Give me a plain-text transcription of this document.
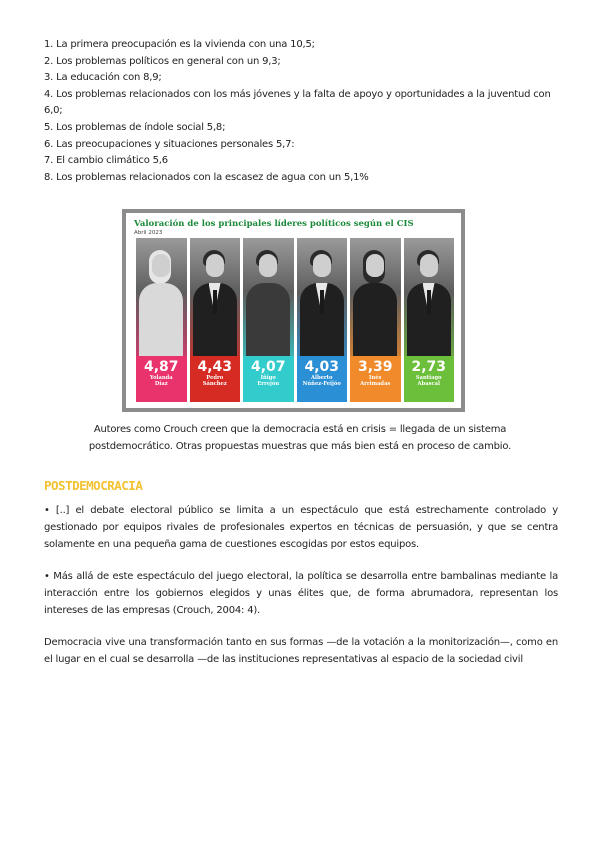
1. La primera preocupación es la vivienda con una 10,5;
2. Los problemas políticos en general con un 9,3;
3. La educación con 8,9;
4. Los problemas relacionados con los más jóvenes y la falta de apoyo y oportunidades a la juventud con 6,0;
5. Los problemas de índole social 5,8;
6. Las preocupaciones y situaciones personales 5,7:
7. El cambio climático 5,6
8. Los problemas relacionados con la escasez de agua con un 5,1%
Valoración de los principales líderes políticos según el CIS
Abril 2023
4,87
Yolanda
Díaz
4,43
Pedro
Sánchez
4,07
Íñigo
Errejón
4,03
Alberto
Núñez-Feijóo
3,39
Inés
Arrimadas
2,73
Santiago
Abascal
Autores como Crouch creen que la democracia está en crisis = llegada de un sistema postdemocrático. Otras propuestas muestras que más bien está en proceso de cambio.
POSTDEMOCRACIA

• [..] el debate electoral público se limita a un espectáculo que está estrechamente controlado y gestionado por equipos rivales de profesionales expertos en técnicas de persuasión, y que se centra solamente en una pequeña gama de cuestiones escogidas por estos equipos.

• Más allá de este espectáculo del juego electoral, la política se desarrolla entre bambalinas mediante la interacción entre los gobiernos elegidos y unas élites que, de forma abrumadora, representan los intereses de las empresas (Crouch, 2004: 4).

Democracia vive una transformación tanto en sus formas —de la votación a la monitorización—, como en el lugar en el cual se desarrolla —de las instituciones representativas al espacio de la sociedad civil
